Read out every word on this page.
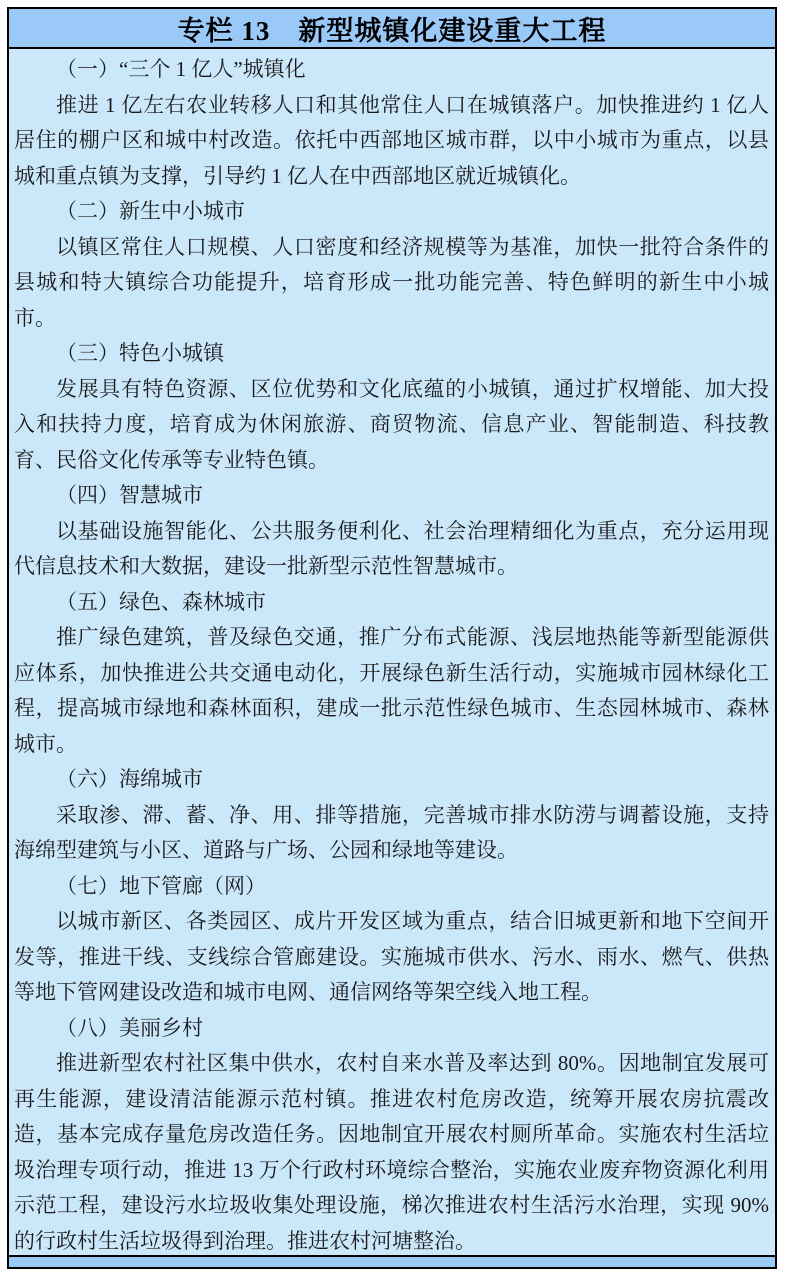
专栏 13　新型城镇化建设重大工程

（一）“三个 1 亿人”城镇化

推进 1 亿左右农业转移人口和其他常住人口在城镇落户。加快推进约 1 亿人居住的棚户区和城中村改造。依托中西部地区城市群，以中小城市为重点，以县城和重点镇为支撑，引导约 1 亿人在中西部地区就近城镇化。

（二）新生中小城市

以镇区常住人口规模、人口密度和经济规模等为基准，加快一批符合条件的县城和特大镇综合功能提升，培育形成一批功能完善、特色鲜明的新生中小城市。

（三）特色小城镇

发展具有特色资源、区位优势和文化底蕴的小城镇，通过扩权增能、加大投入和扶持力度，培育成为休闲旅游、商贸物流、信息产业、智能制造、科技教育、民俗文化传承等专业特色镇。

（四）智慧城市

以基础设施智能化、公共服务便利化、社会治理精细化为重点，充分运用现代信息技术和大数据，建设一批新型示范性智慧城市。

（五）绿色、森林城市

推广绿色建筑，普及绿色交通，推广分布式能源、浅层地热能等新型能源供应体系，加快推进公共交通电动化，开展绿色新生活行动，实施城市园林绿化工程，提高城市绿地和森林面积，建成一批示范性绿色城市、生态园林城市、森林城市。

（六）海绵城市

采取渗、滞、蓄、净、用、排等措施，完善城市排水防涝与调蓄设施，支持海绵型建筑与小区、道路与广场、公园和绿地等建设。

（七）地下管廊（网）

以城市新区、各类园区、成片开发区域为重点，结合旧城更新和地下空间开发等，推进干线、支线综合管廊建设。实施城市供水、污水、雨水、燃气、供热等地下管网建设改造和城市电网、通信网络等架空线入地工程。

（八）美丽乡村

推进新型农村社区集中供水，农村自来水普及率达到 80%。因地制宜发展可再生能源，建设清洁能源示范村镇。推进农村危房改造，统筹开展农房抗震改造，基本完成存量危房改造任务。因地制宜开展农村厕所革命。实施农村生活垃圾治理专项行动，推进 13 万个行政村环境综合整治，实施农业废弃物资源化利用示范工程，建设污水垃圾收集处理设施，梯次推进农村生活污水治理，实现 90%的行政村生活垃圾得到治理。推进农村河塘整治。
